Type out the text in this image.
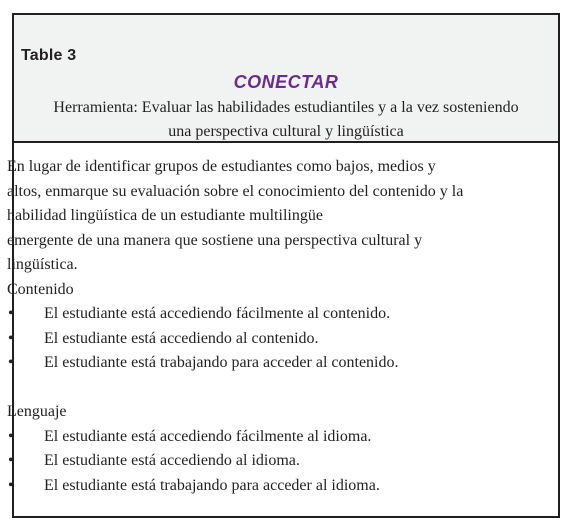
Table 3
CONECTAR
Herramienta: Evaluar las habilidades estudiantiles y a la vez sosteniendo
una perspectiva cultural y lingüística
En lugar de identificar grupos de estudiantes como bajos, medios y
altos, enmarque su evaluación sobre el conocimiento del contenido y la
habilidad lingüística de un estudiante multilingüe
emergente de una manera que sostiene una perspectiva cultural y
lingüística.
Contenido
• El estudiante está accediendo fácilmente al contenido.
• El estudiante está accediendo al contenido.
• El estudiante está trabajando para acceder al contenido.
Lenguaje
• El estudiante está accediendo fácilmente al idioma.
• El estudiante está accediendo al idioma.
• El estudiante está trabajando para acceder al idioma.
